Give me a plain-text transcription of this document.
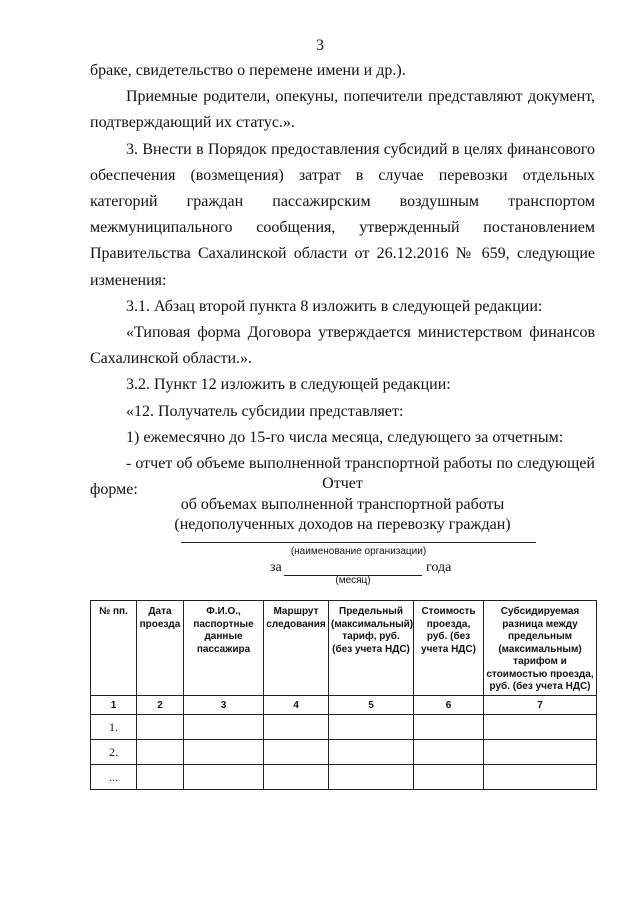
3

браке, свидетельство о перемене имени и др.).

Приемные родители, опекуны, попечители представляют документ, подтверждающий их статус.».

3. Внести в Порядок предоставления субсидий в целях финансового обеспечения (возмещения) затрат в случае перевозки отдельных категорий граждан пассажирским воздушным транспортом межмуниципального сообщения, утвержденный постановлением Правительства Сахалинской области от 26.12.2016 № 659, следующие изменения:

3.1. Абзац второй пункта 8 изложить в следующей редакции:

«Типовая форма Договора утверждается министерством финансов Сахалинской области.».

3.2. Пункт 12 изложить в следующей редакции:

«12. Получатель субсидии представляет:

1) ежемесячно до 15-го числа месяца, следующего за отчетным:

- отчет об объеме выполненной транспортной работы по следующей форме:	Отчет
об объемах выполненной транспортной работы
(недополученных доходов на перевозку граждан)
(наименование организации)
за	года
(месяц)
№ пп.	Дата проезда	Ф.И.О., паспортные данные пассажира	Маршрут следования	Предельный (максимальный) тариф, руб. (без учета НДС)	Стоимость проезда, руб. (без учета НДС)	Субсидируемая разница между предельным (максимальным) тарифом и стоимостью проезда, руб. (без учета НДС)
1	2	3	4	5	6	7
1.						
2.						
...						
